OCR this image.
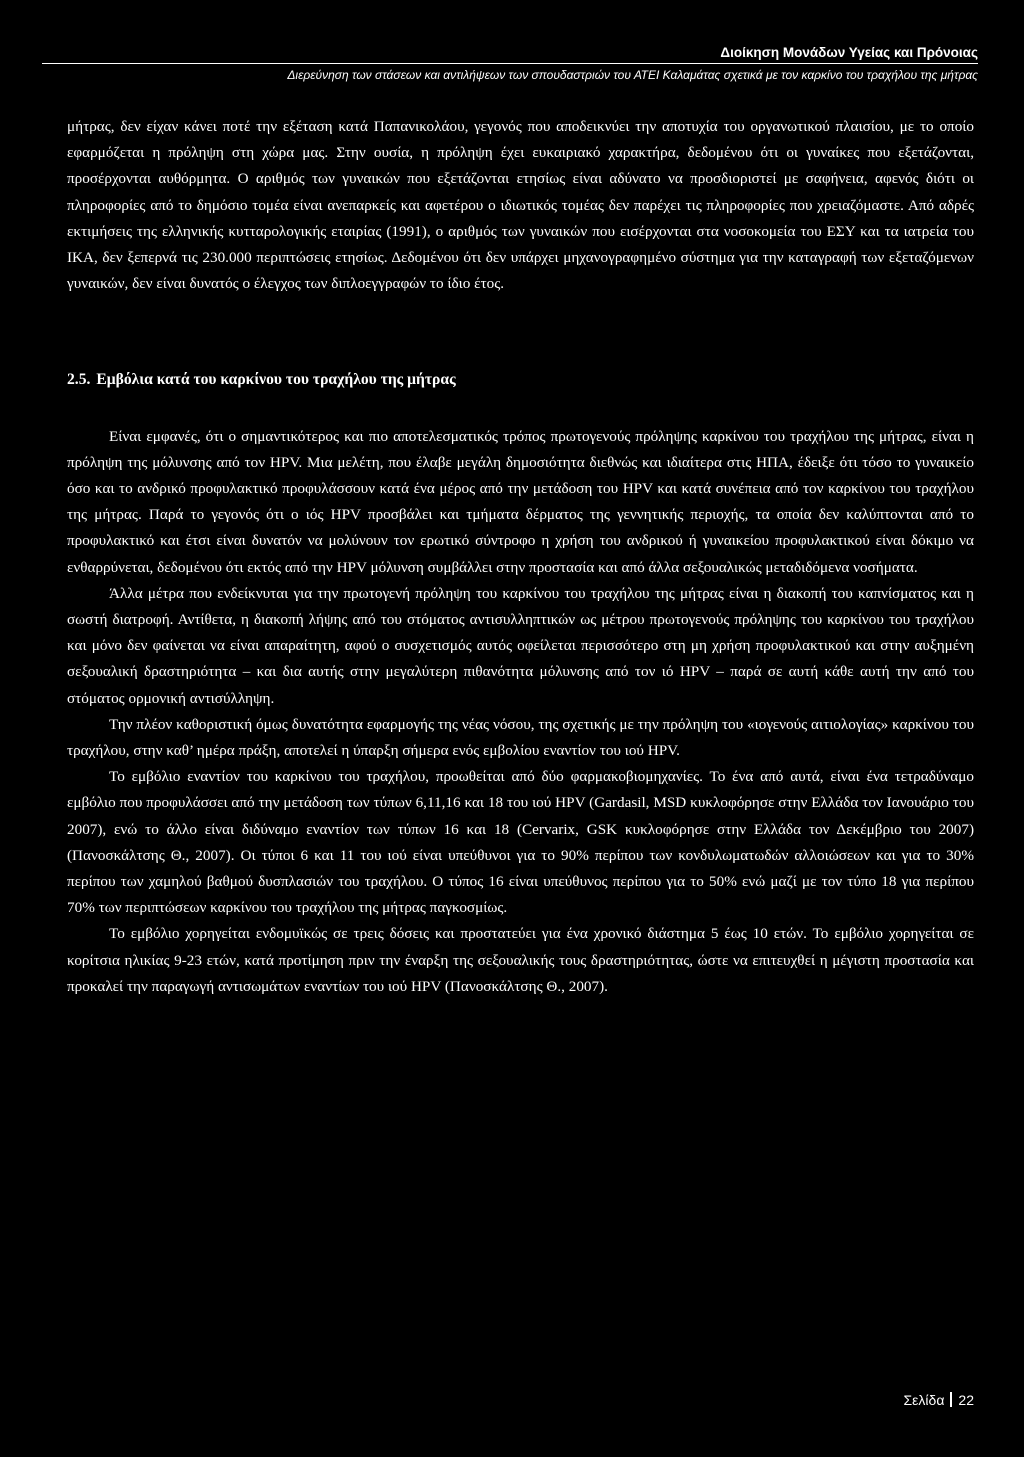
Διοίκηση Μονάδων Υγείας και Πρόνοιας
Διερεύνηση των στάσεων και αντιλήψεων των σπουδαστριών του ΑΤΕΙ Καλαμάτας σχετικά με τον καρκίνο του τραχήλου της μήτρας

μήτρας, δεν είχαν κάνει ποτέ την εξέταση κατά Παπανικολάου, γεγονός που αποδεικνύει την αποτυχία του οργανωτικού πλαισίου, με το οποίο εφαρμόζεται η πρόληψη στη χώρα μας. Στην ουσία, η πρόληψη έχει ευκαιριακό χαρακτήρα, δεδομένου ότι οι γυναίκες που εξετάζονται, προσέρχονται αυθόρμητα. Ο αριθμός των γυναικών που εξετάζονται ετησίως είναι αδύνατο να προσδιοριστεί με σαφήνεια, αφενός διότι οι πληροφορίες από το δημόσιο τομέα είναι ανεπαρκείς και αφετέρου ο ιδιωτικός τομέας δεν παρέχει τις πληροφορίες που χρειαζόμαστε. Από αδρές εκτιμήσεις της ελληνικής κυτταρολογικής εταιρίας (1991), ο αριθμός των γυναικών που εισέρχονται στα νοσοκομεία του ΕΣΥ και τα ιατρεία του ΙΚΑ, δεν ξεπερνά τις 230.000 περιπτώσεις ετησίως. Δεδομένου ότι δεν υπάρχει μηχανογραφημένο σύστημα για την καταγραφή των εξεταζόμενων γυναικών, δεν είναι δυνατός ο έλεγχος των διπλοεγγραφών το ίδιο έτος.

2.5. Εμβόλια κατά του καρκίνου του τραχήλου της μήτρας

Είναι εμφανές, ότι ο σημαντικότερος και πιο αποτελεσματικός τρόπος πρωτογενούς πρόληψης καρκίνου του τραχήλου της μήτρας, είναι η πρόληψη της μόλυνσης από τον HPV. Μια μελέτη, που έλαβε μεγάλη δημοσιότητα διεθνώς και ιδιαίτερα στις ΗΠΑ, έδειξε ότι τόσο το γυναικείο όσο και το ανδρικό προφυλακτικό προφυλάσσουν κατά ένα μέρος από την μετάδοση του HPV και κατά συνέπεια από τον καρκίνου του τραχήλου της μήτρας. Παρά το γεγονός ότι ο ιός HPV προσβάλει και τμήματα δέρματος της γεννητικής περιοχής, τα οποία δεν καλύπτονται από το προφυλακτικό και έτσι είναι δυνατόν να μολύνουν τον ερωτικό σύντροφο η χρήση του ανδρικού ή γυναικείου προφυλακτικού είναι δόκιμο να ενθαρρύνεται, δεδομένου ότι εκτός από την HPV μόλυνση συμβάλλει στην προστασία και από άλλα σεξουαλικώς μεταδιδόμενα νοσήματα.

Άλλα μέτρα που ενδείκνυται για την πρωτογενή πρόληψη του καρκίνου του τραχήλου της μήτρας είναι η διακοπή του καπνίσματος και η σωστή διατροφή. Αντίθετα, η διακοπή λήψης από του στόματος αντισυλληπτικών ως μέτρου πρωτογενούς πρόληψης του καρκίνου του τραχήλου και μόνο δεν φαίνεται να είναι απαραίτητη, αφού ο συσχετισμός αυτός οφείλεται περισσότερο στη μη χρήση προφυλακτικού και στην αυξημένη σεξουαλική δραστηριότητα – και δια αυτής στην μεγαλύτερη πιθανότητα μόλυνσης από τον ιό HPV – παρά σε αυτή κάθε αυτή την από του στόματος ορμονική αντισύλληψη.

Την πλέον καθοριστική όμως δυνατότητα εφαρμογής της νέας νόσου, της σχετικής με την πρόληψη του «ιογενούς αιτιολογίας» καρκίνου του τραχήλου, στην καθ’ ημέρα πράξη, αποτελεί η ύπαρξη σήμερα ενός εμβολίου εναντίον του ιού HPV.

Το εμβόλιο εναντίον του καρκίνου του τραχήλου, προωθείται από δύο φαρμακοβιομηχανίες. Το ένα από αυτά, είναι ένα τετραδύναμο εμβόλιο που προφυλάσσει από την μετάδοση των τύπων 6,11,16 και 18 του ιού HPV (Gardasil, MSD κυκλοφόρησε στην Ελλάδα τον Ιανουάριο του 2007), ενώ το άλλο είναι διδύναμο εναντίον των τύπων 16 και 18 (Cervarix, GSK κυκλοφόρησε στην Ελλάδα τον Δεκέμβριο του 2007) (Πανοσκάλτσης Θ., 2007). Οι τύποι 6 και 11 του ιού είναι υπεύθυνοι για το 90% περίπου των κονδυλωματωδών αλλοιώσεων και για το 30% περίπου των χαμηλού βαθμού δυσπλασιών του τραχήλου. Ο τύπος 16 είναι υπεύθυνος περίπου για το 50% ενώ μαζί με τον τύπο 18 για περίπου 70% των περιπτώσεων καρκίνου του τραχήλου της μήτρας παγκοσμίως.

Το εμβόλιο χορηγείται ενδομυϊκώς σε τρεις δόσεις και προστατεύει για ένα χρονικό διάστημα 5 έως 10 ετών. Το εμβόλιο χορηγείται σε κορίτσια ηλικίας 9-23 ετών, κατά προτίμηση πριν την έναρξη της σεξουαλικής τους δραστηριότητας, ώστε να επιτευχθεί η μέγιστη προστασία και προκαλεί την παραγωγή αντισωμάτων εναντίων του ιού HPV (Πανοσκάλτσης Θ., 2007).

Σελίδα 22
